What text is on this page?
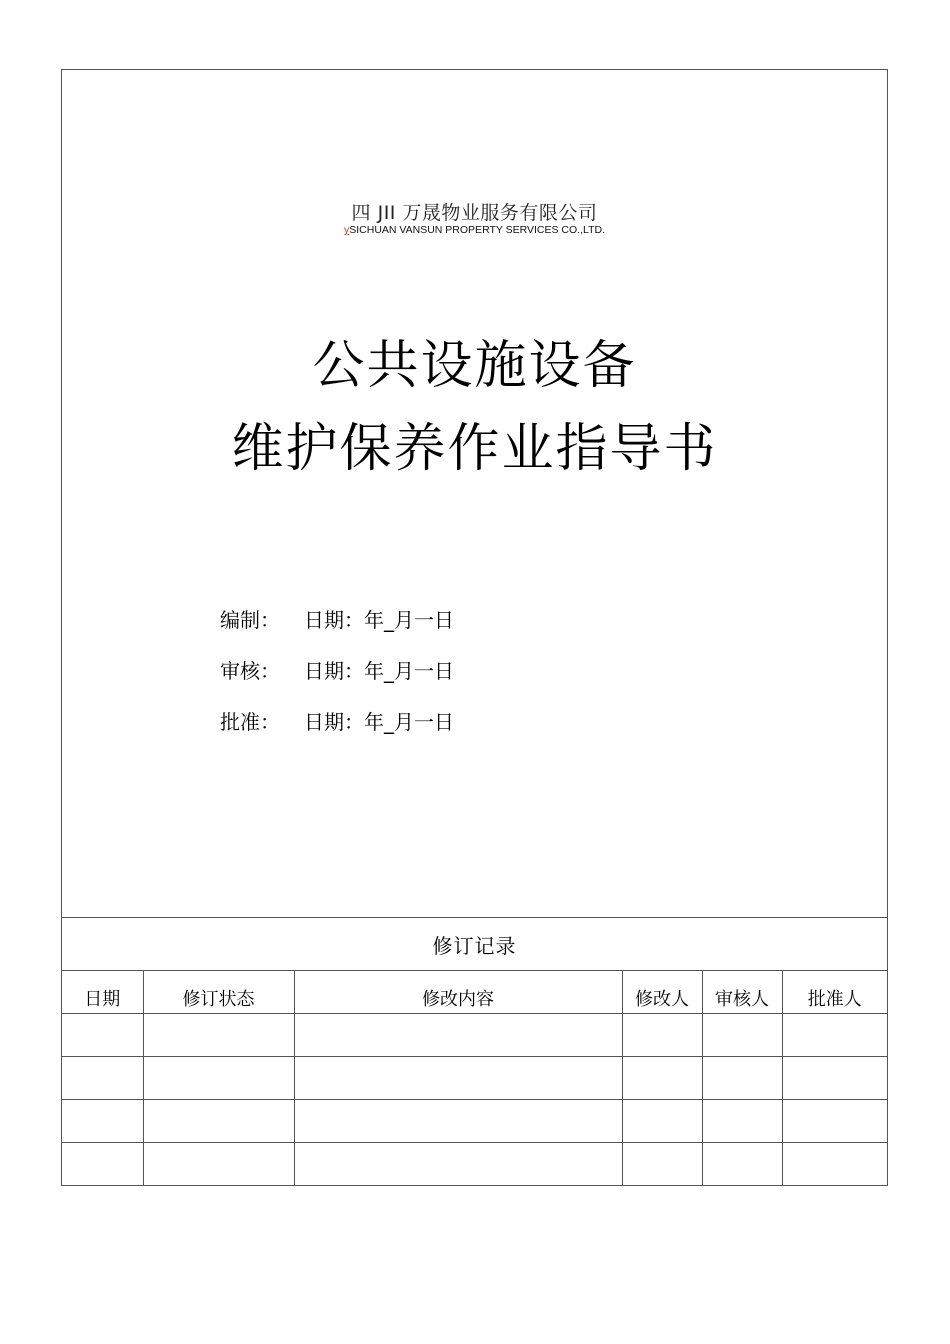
四 JII 万晟物业服务有限公司
ySICHUAN VANSUN PROPERTY SERVICES CO.,LTD.
公共设施设备
维护保养作业指导书
编制：	日期：年_月一日
审核：	日期：年_月一日
批准：	日期：年_月一日
修订记录					
日期	修订状态	修改内容	修改人	审核人	批准人
